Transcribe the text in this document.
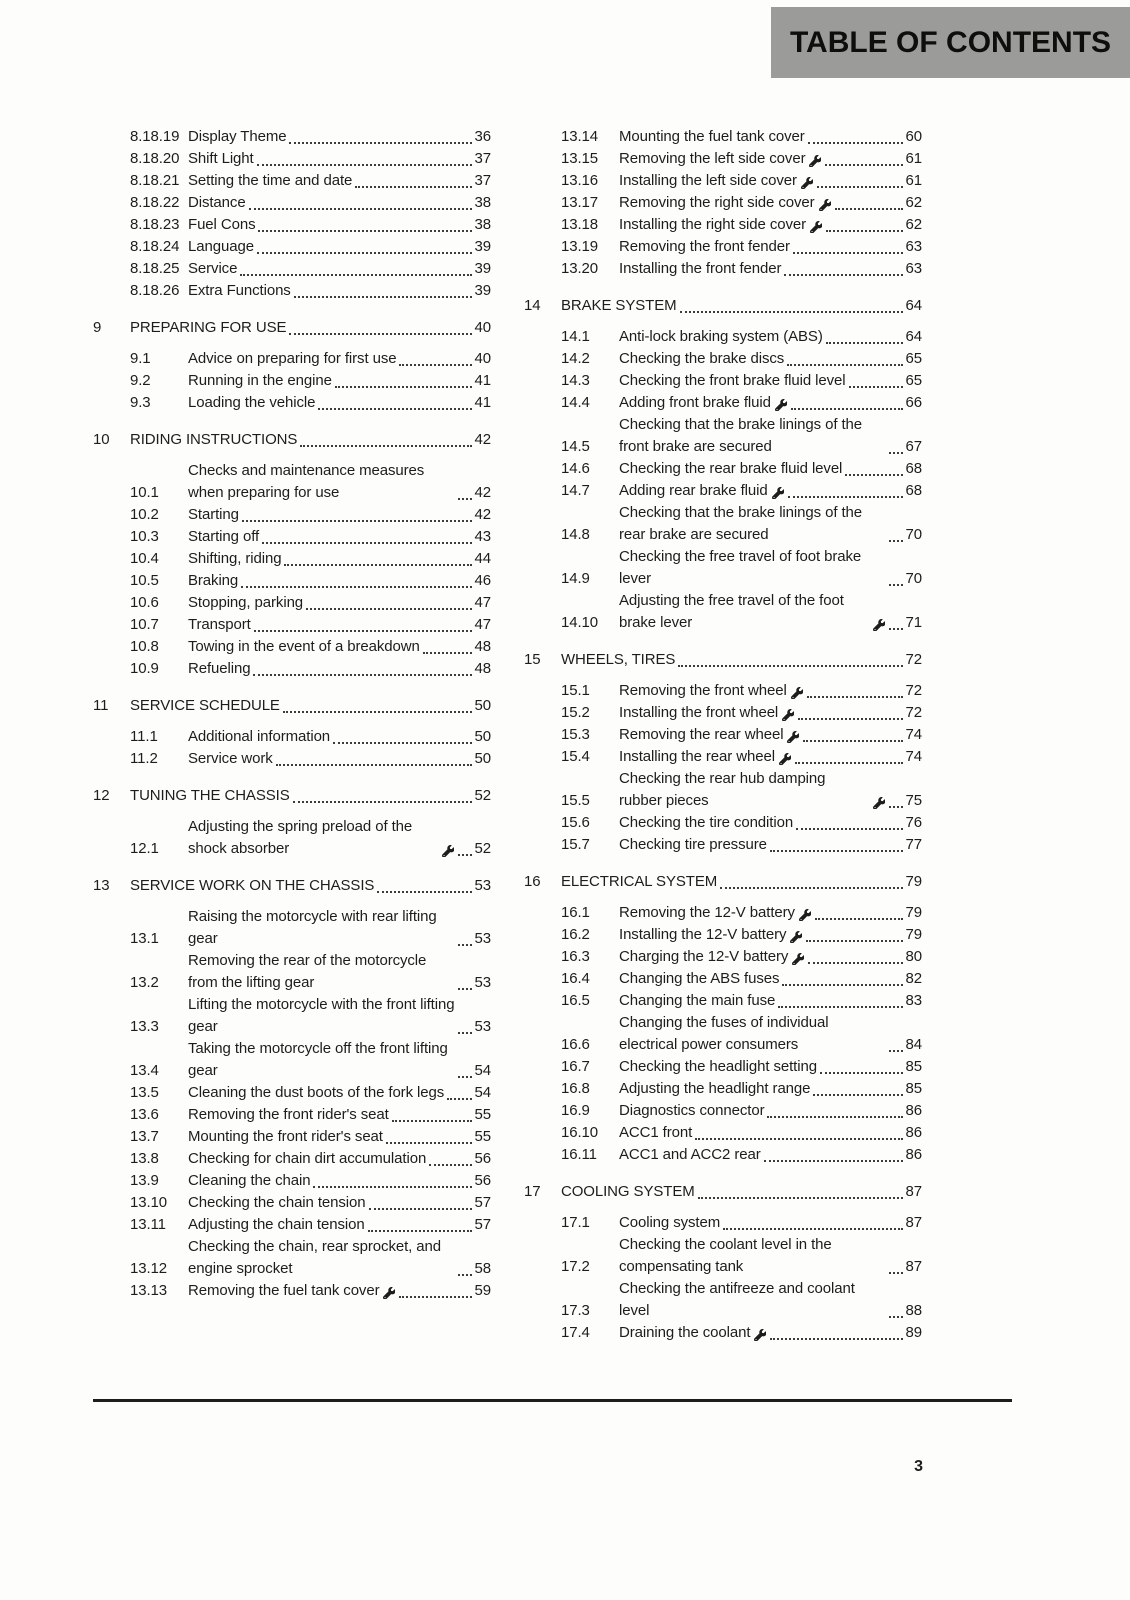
TABLE OF CONTENTS
8.18.19 Display Theme	36
8.18.20 Shift Light	37
8.18.21 Setting the time and date	37
8.18.22 Distance	38
8.18.23 Fuel Cons	38
8.18.24 Language	39
8.18.25 Service	39
8.18.26 Extra Functions	39
9	PREPARING FOR USE	40
9.1	Advice on preparing for first use	40
9.2	Running in the engine	41
9.3	Loading the vehicle	41
10	RIDING INSTRUCTIONS	42
10.1
Checks and maintenance measures when preparing for use	42
10.2	Starting	42
10.3	Starting off	43
10.4	Shifting, riding	44
10.5	Braking	46
10.6	Stopping, parking	47
10.7	Transport	47
10.8	Towing in the event of a breakdown	48
10.9	Refueling	48
11	SERVICE SCHEDULE	50
11.1	Additional information	50
11.2	Service work	50
12	TUNING THE CHASSIS	52
12.1
Adjusting the spring preload of the shock absorber	52
13	SERVICE WORK ON THE CHASSIS	53
13.1
Raising the motorcycle with rear lifting gear	53
13.2
Removing the rear of the motorcycle from the lifting gear	53
13.3
Lifting the motorcycle with the front lifting gear	53
13.4
Taking the motorcycle off the front lifting gear	54
13.5	Cleaning the dust boots of the fork legs 54
13.6	Removing the front rider's seat	55
13.7	Mounting the front rider's seat	55
13.8	Checking for chain dirt accumulation	56
13.9	Cleaning the chain	56
13.10	Checking the chain tension	57
13.11	Adjusting the chain tension	57
13.12
Checking the chain, rear sprocket, and engine sprocket	58
13.13	Removing the fuel tank cover	59
13.14	Mounting the fuel tank cover	60
13.15	Removing the left side cover	61
13.16	Installing the left side cover	61
13.17	Removing the right side cover	62
13.18	Installing the right side cover	62
13.19	Removing the front fender	63
13.20	Installing the front fender	63
14	BRAKE SYSTEM	64
14.1	Anti-lock braking system (ABS)	64
14.2	Checking the brake discs	65
14.3	Checking the front brake fluid level	65
14.4	Adding front brake fluid	66
14.5
Checking that the brake linings of the front brake are secured	67
14.6	Checking the rear brake fluid level	68
14.7	Adding rear brake fluid	68
14.8
Checking that the brake linings of the rear brake are secured	70
14.9
Checking the free travel of foot brake lever	70
14.10
Adjusting the free travel of the foot brake lever	71
15	WHEELS, TIRES	72
15.1	Removing the front wheel	72
15.2	Installing the front wheel	72
15.3	Removing the rear wheel	74
15.4	Installing the rear wheel	74
15.5
Checking the rear hub damping rubber pieces	75
15.6	Checking the tire condition	76
15.7	Checking tire pressure	77
16	ELECTRICAL SYSTEM	79
16.1	Removing the 12-V battery	79
16.2	Installing the 12-V battery	79
16.3	Charging the 12-V battery	80
16.4	Changing the ABS fuses	82
16.5	Changing the main fuse	83
16.6
Changing the fuses of individual electrical power consumers	84
16.7	Checking the headlight setting	85
16.8	Adjusting the headlight range	85
16.9	Diagnostics connector	86
16.10	ACC1 front	86
16.11	ACC1 and ACC2 rear	86
17	COOLING SYSTEM	87
17.1	Cooling system	87
17.2
Checking the coolant level in the compensating tank	87
17.3
Checking the antifreeze and coolant level	88
17.4	Draining the coolant	89
3
